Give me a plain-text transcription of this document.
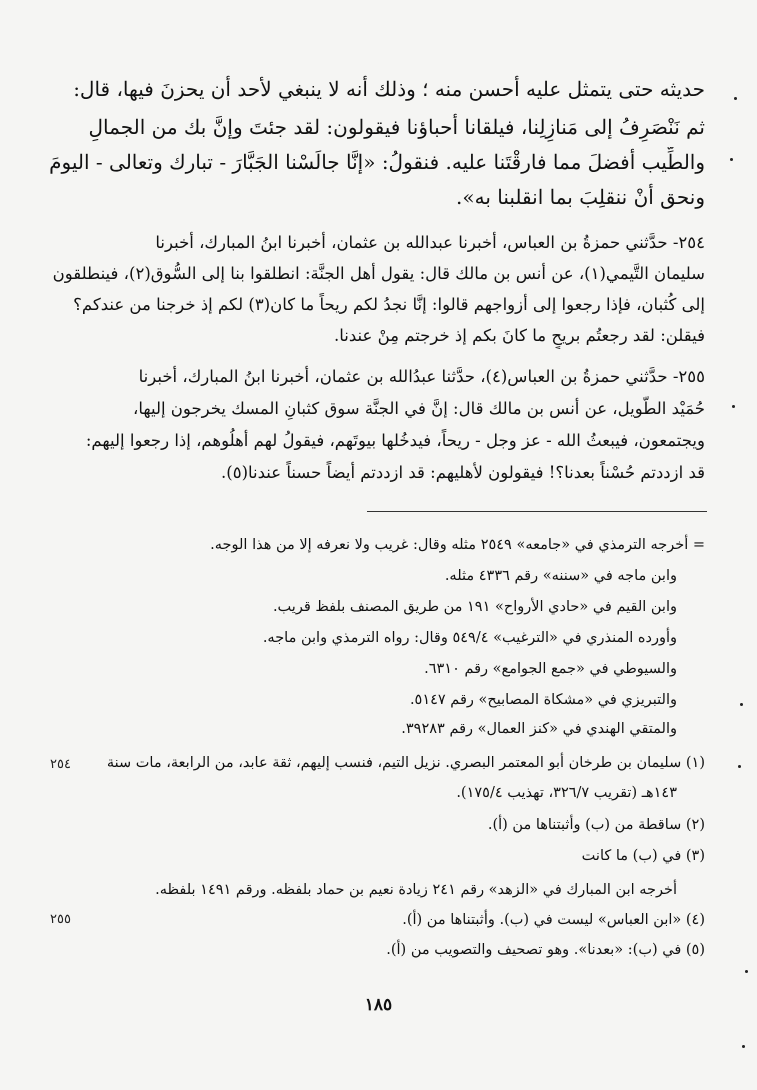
حديثه حتى يتمثل عليه أحسن منه ؛ وذلك أنه لا ينبغي لأحد أن يحزنَ فيها، قال:
ثم نَنْصَرِفُ إلى مَنازِلِنا، فيلقانا أحباؤنا فيقولون: لقد جئتَ وإنَّ بك من الجمالِ
والطِّيب أفضلَ مما فارقْتَنا عليه. فنقولُ: «إنَّا جالَسْنا الجَبَّارَ - تبارك وتعالى - اليومَ
ونحق أنْ ننقلِبَ بما انقلبنا به».
٢٥٤- حدَّثني حمزةُ بن العباس، أخبرنا عبدالله بن عثمان، أخبرنا ابنُ المبارك، أخبرنا
سليمان التَّيمي(١)، عن أنس بن مالك قال: يقول أهل الجنَّة: انطلقوا بنا إلى السُّوق(٢)، فينطلقون
إلى كُثبان، فإذا رجعوا إلى أزواجهم قالوا: إنَّا نجدُ لكم ريحاً ما كان(٣) لكم إذ خرجنا من عندكم؟
فيقلن: لقد رجعتُم بريحٍ ما كانَ بكم إذ خرجتم مِنْ عندنا.
٢٥٥- حدَّثني حمزةُ بن العباس(٤)، حدَّثنا عبدُالله بن عثمان، أخبرنا ابنُ المبارك، أخبرنا
حُمَيْد الطَّويل، عن أنس بن مالك قال: إنَّ في الجنَّة سوق كثبانِ المسك يخرجون إليها،
ويجتمعون، فيبعثُ الله - عز وجل - ريحاً، فيدخُلها بيوتَهم، فيقولُ لهم أهلُوهم، إذا رجعوا إليهم:
قد ازددتم حُسْناً بعدنا؟! فيقولون لأهليهم: قد ازددتم أيضاً حسناً عندنا(٥).
= أخرجه الترمذي في «جامعه» ٢٥٤٩ مثله وقال: غريب ولا نعرفه إلا من هذا الوجه.
وابن ماجه في «سننه» رقم ٤٣٣٦ مثله.
وابن القيم في «حادي الأرواح» ١٩١ من طريق المصنف بلفظ قريب.
وأورده المنذري في «الترغيب» ٥٤٩/٤ وقال: رواه الترمذي وابن ماجه.
والسيوطي في «جمع الجوامع» رقم ٦٣١٠.
والتبريزي في «مشكاة المصابيح» رقم ٥١٤٧.
والمتقي الهندي في «كنز العمال» رقم ٣٩٢٨٣.
(١) سليمان بن طرخان أبو المعتمر البصري. نزيل التيم، فنسب إليهم، ثقة عابد، من الرابعة، مات سنة
١٤٣هـ (تقريب ٣٢٦/٧، تهذيب ١٧٥/٤).
(٢) ساقطة من (ب) وأثبتناها من (أ).
(٣) في (ب) ما كانت
أخرجه ابن المبارك في «الزهد» رقم ٢٤١ زيادة نعيم بن حماد بلفظه. ورقم ١٤٩١ بلفظه.
(٤) «ابن العباس» ليست في (ب). وأثبتناها من (أ).
(٥) في (ب): «بعدنا». وهو تصحيف والتصويب من (أ).
٢٥٤
٢٥٥
١٨٥
